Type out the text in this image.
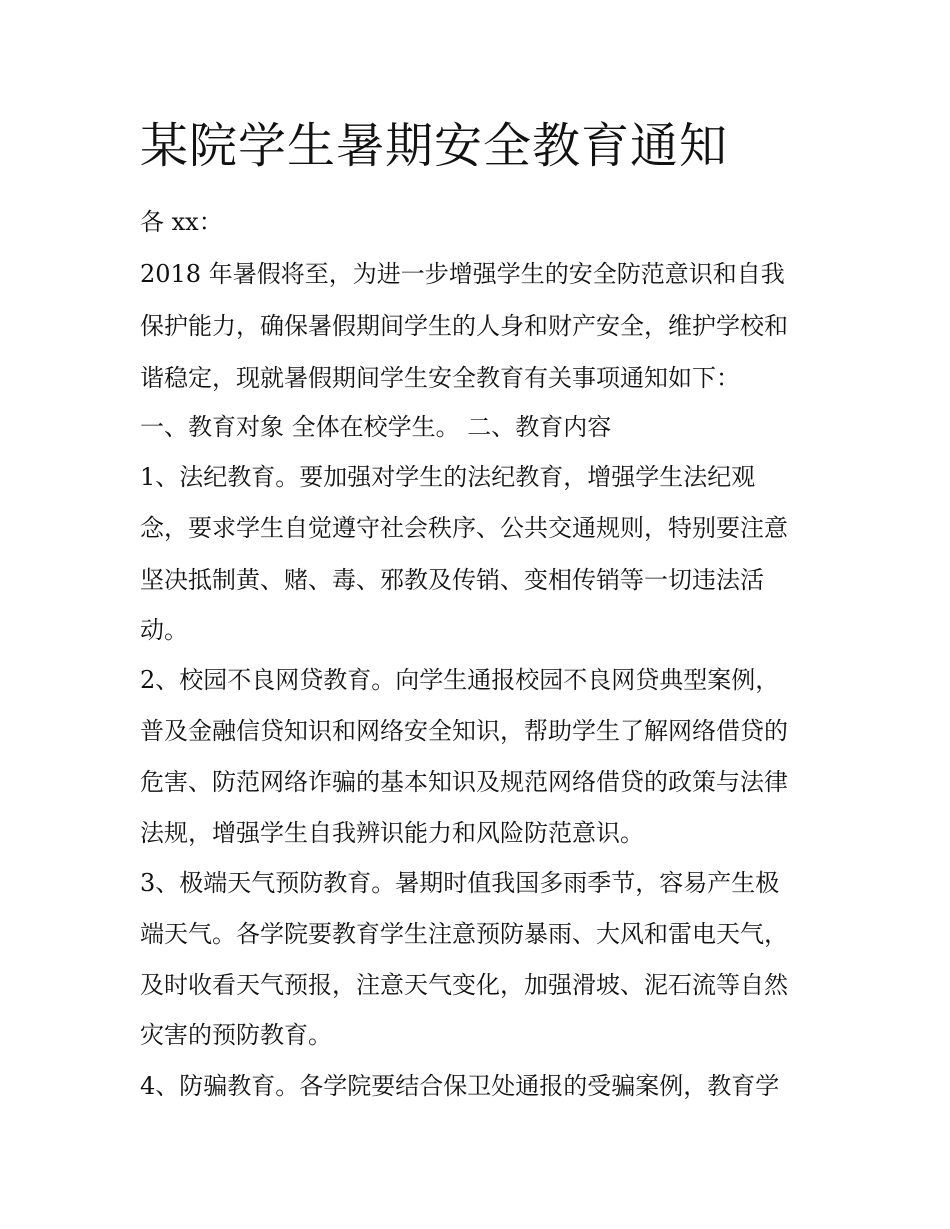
某院学生暑期安全教育通知
各 xx：
2018 年暑假将至，为进一步增强学生的安全防范意识和自我
保护能力，确保暑假期间学生的人身和财产安全，维护学校和
谐稳定，现就暑假期间学生安全教育有关事项通知如下：
一、教育对象 全体在校学生。 二、教育内容
1、法纪教育。要加强对学生的法纪教育，增强学生法纪观
念，要求学生自觉遵守社会秩序、公共交通规则，特别要注意
坚决抵制黄、赌、毒、邪教及传销、变相传销等一切违法活
动。
2、校园不良网贷教育。向学生通报校园不良网贷典型案例，
普及金融信贷知识和网络安全知识，帮助学生了解网络借贷的
危害、防范网络诈骗的基本知识及规范网络借贷的政策与法律
法规，增强学生自我辨识能力和风险防范意识。
3、极端天气预防教育。暑期时值我国多雨季节，容易产生极
端天气。各学院要教育学生注意预防暴雨、大风和雷电天气，
及时收看天气预报，注意天气变化，加强滑坡、泥石流等自然
灾害的预防教育。
4、防骗教育。各学院要结合保卫处通报的受骗案例，教育学
